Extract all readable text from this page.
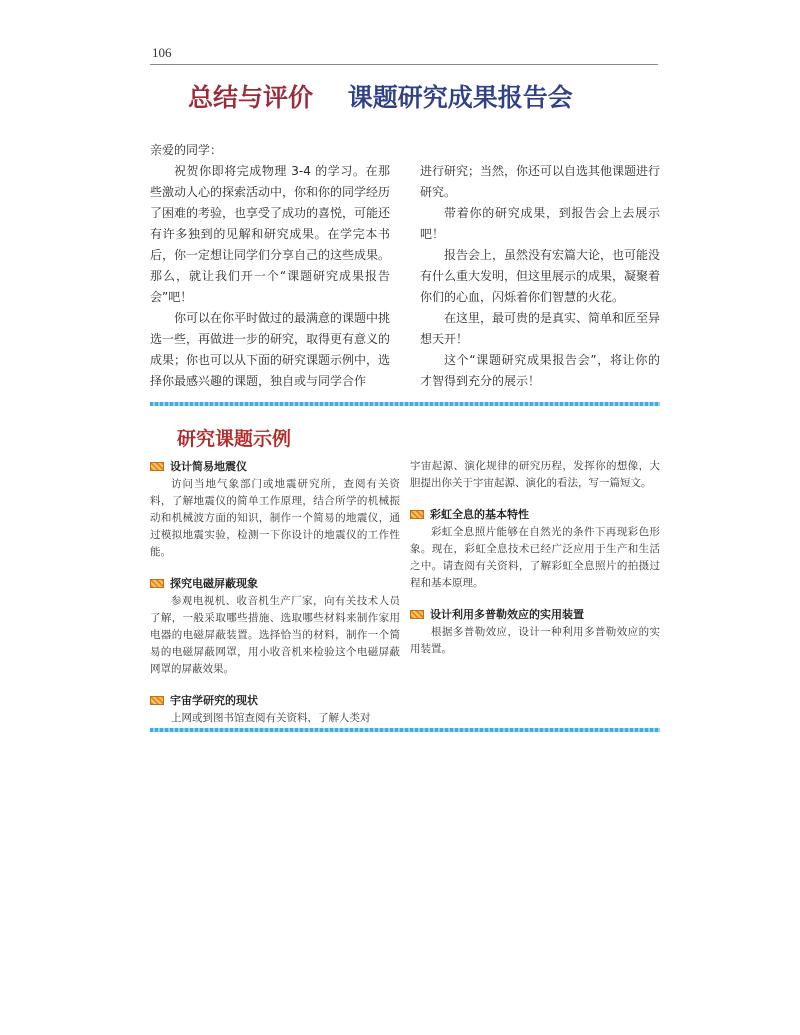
106
总结与评价 课题研究成果报告会

亲爱的同学：

祝贺你即将完成物理 3-4 的学习。在那些激动人心的探索活动中，你和你的同学经历了困难的考验，也享受了成功的喜悦，可能还有许多独到的见解和研究成果。在学完本书后，你一定想让同学们分享自己的这些成果。那么，就让我们开一个“课题研究成果报告会”吧！

你可以在你平时做过的最满意的课题中挑选一些，再做进一步的研究，取得更有意义的成果；你也可以从下面的研究课题示例中，选择你最感兴趣的课题，独自或与同学合作

进行研究；当然，你还可以自选其他课题进行研究。

带着你的研究成果，到报告会上去展示吧！

报告会上，虽然没有宏篇大论，也可能没有什么重大发明，但这里展示的成果，凝聚着你们的心血，闪烁着你们智慧的火花。

在这里，最可贵的是真实、简单和匠至异想天开！

这个“课题研究成果报告会”，将让你的才智得到充分的展示！

研究课题示例
设计简易地震仪
访问当地气象部门或地震研究所，查阅有关资料，了解地震仪的简单工作原理，结合所学的机械振动和机械波方面的知识，制作一个简易的地震仪，通过模拟地震实验，检测一下你设计的地震仪的工作性能。
探究电磁屏蔽现象
参观电视机、收音机生产厂家，向有关技术人员了解，一般采取哪些措施、选取哪些材料来制作家用电器的电磁屏蔽装置。选择恰当的材料，制作一个简易的电磁屏蔽网罩，用小收音机来检验这个电磁屏蔽网罩的屏蔽效果。
宇宙学研究的现状
上网或到图书馆查阅有关资料，了解人类对
宇宙起源、演化规律的研究历程，发挥你的想像，大胆提出你关于宇宙起源、演化的看法，写一篇短文。
彩虹全息的基本特性
彩虹全息照片能够在自然光的条件下再现彩色形象。现在，彩虹全息技术已经广泛应用于生产和生活之中。请查阅有关资料，了解彩虹全息照片的拍摄过程和基本原理。
设计利用多普勒效应的实用装置
根据多普勒效应，设计一种利用多普勒效应的实用装置。
